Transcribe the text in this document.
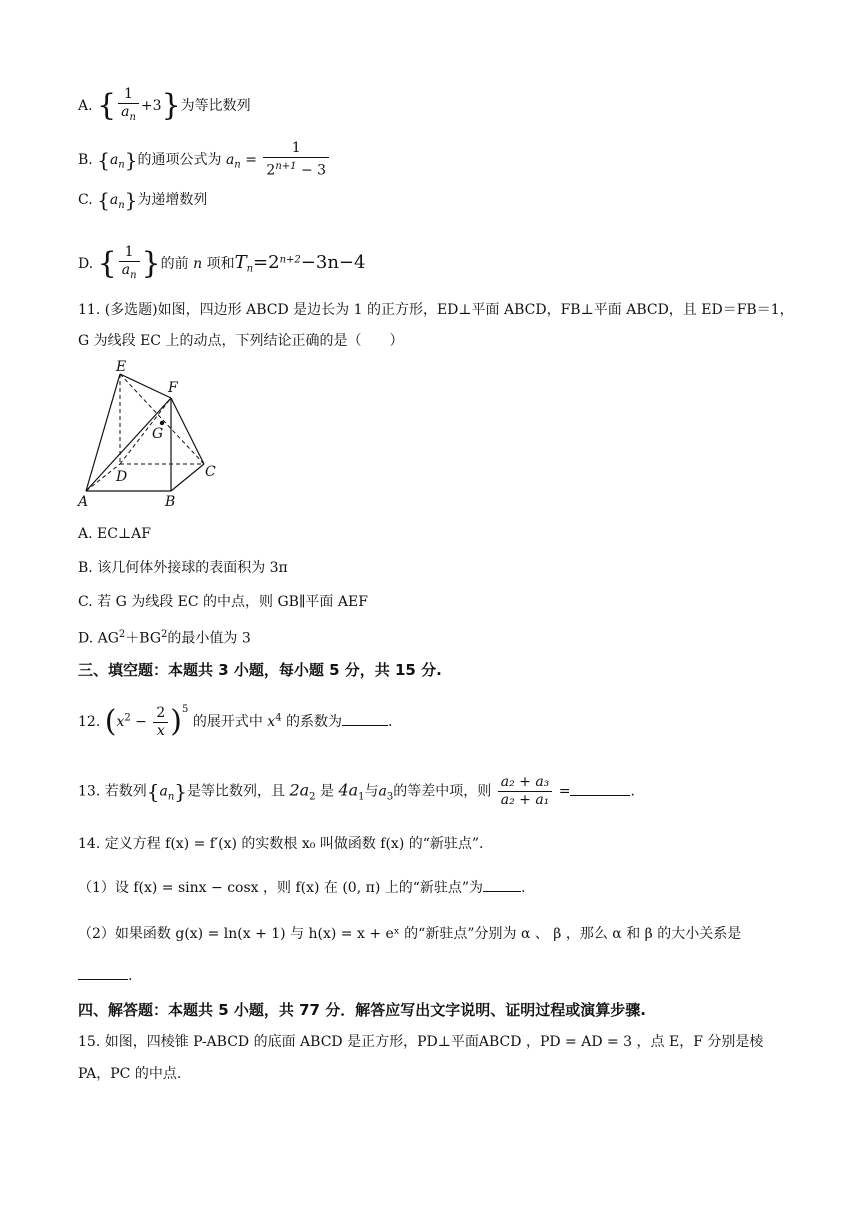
A. { $\frac{1}{a_n} +3$}为等比数列
B. $\{a_n\}$的通项公式为 $a_n = \frac{1}{2^{n+1} - 3}$
C. $\{a_n\}$为递增数列
D. { $\frac{1}{a_n}$ }的前 n 项和$T_n=2^{n+2}-3n-4$
11. (多选题)如图，四边形 ABCD 是边长为 1 的正方形，ED⊥平面 ABCD，FB⊥平面 ABCD，且 ED＝FB＝1，
G 为线段 EC 上的动点，下列结论正确的是（　　）
E
F
G
D	C
A	B
A. EC⊥AF
B. 该几何体外接球的表面积为 3π
C. 若 G 为线段 EC 的中点，则 GB∥平面 AEF
D. $AG^2+BG^2$的最小值为 3
三、填空题：本题共 3 小题，每小题 5 分，共 15 分.
12. $(x^2 - \frac{2}{x} )^5$ 的展开式中 $x^4$ 的系数为	.
13. 若数列$\{a_n\}$是等比数列，且 $2a_2$ 是 $4a_1$与$a_3$的等差中项，则 $\frac{\text{a₂ + a₃}}{\text{a₂ + a₁}}$ =	.
14. 定义方程 f(x) = f′(x) 的实数根 x₀ 叫做函数 f(x) 的“新驻点”.
（1）设 f(x) = sinx − cosx ，则 f(x) 在 (0, π) 上的“新驻点”为	.
（2）如果函数 g(x) = ln(x + 1) 与 h(x) = x + eˣ 的“新驻点”分别为 α 、 β ，那么 α 和 β 的大小关系是
.
四、解答题：本题共 5 小题，共 77 分．解答应写出文字说明、证明过程或演算步骤.
15. 如图，四棱锥 P-ABCD 的底面 ABCD 是正方形，PD⊥平面ABCD ，PD = AD = 3 ，点 E，F 分别是棱
PA，PC 的中点.
